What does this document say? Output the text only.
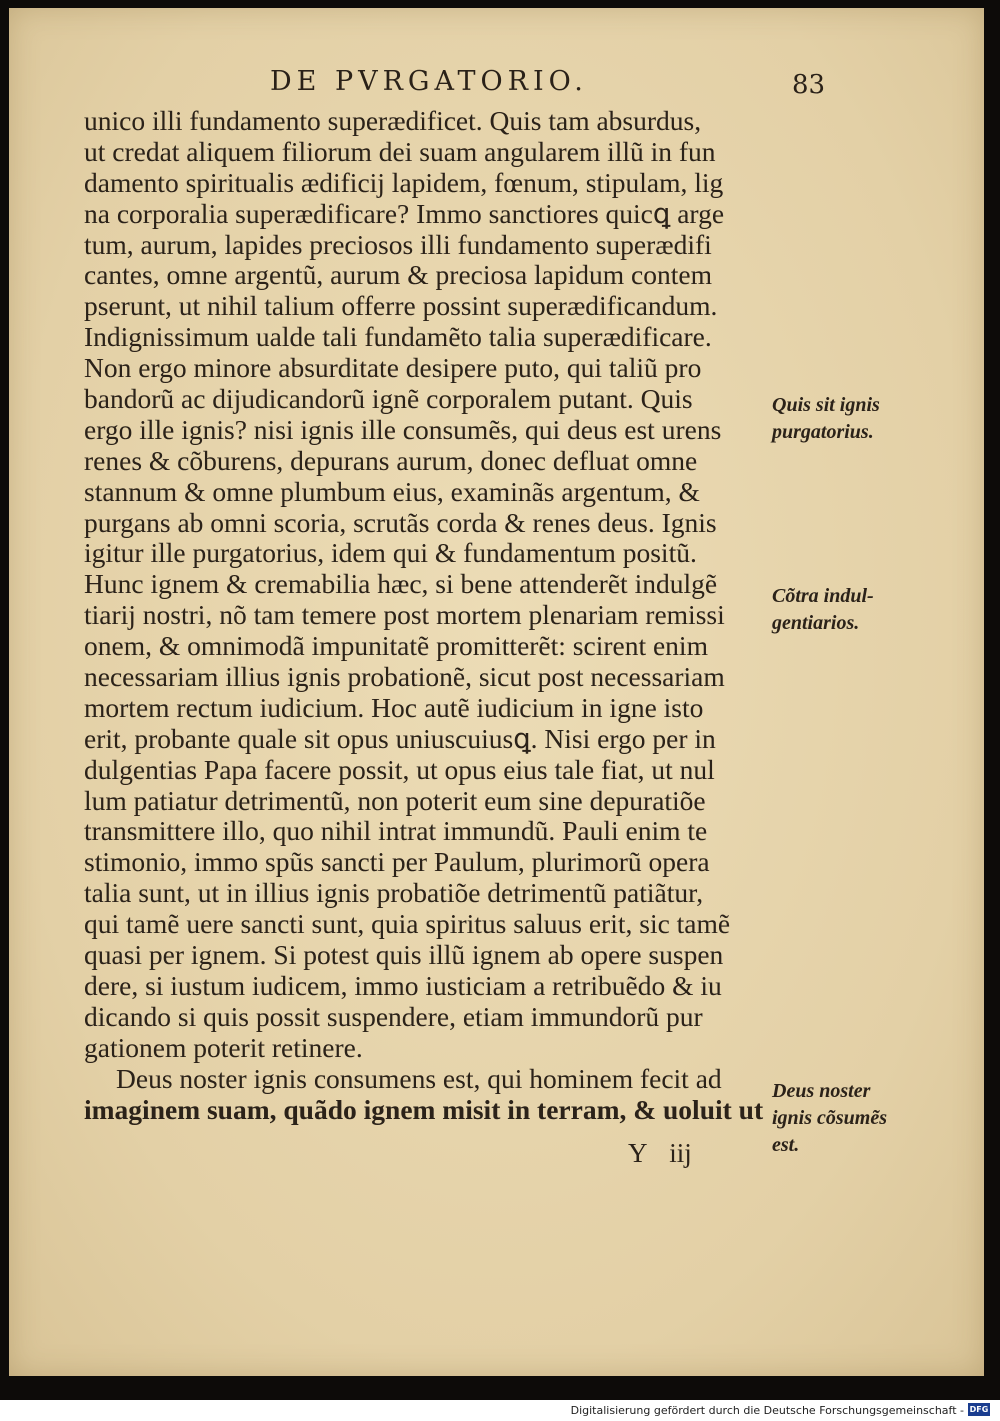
DE PVRGATORIO.	83
unico illi fundamento superædificet. Quis tam absurdus,
ut credat aliquem filiorum dei suam angularem illũ in fun
damento spiritualis ædificij lapidem, fœnum, stipulam, lig
na corporalia superædificare? Immo sanctiores quicꝗ arge
tum, aurum, lapides preciosos illi fundamento superædifi
cantes, omne argentũ, aurum & preciosa lapidum contem
pserunt, ut nihil talium offerre possint superædificandum.
Indignissimum ualde tali fundamẽto talia superædificare.
Non ergo minore absurditate desipere puto, qui taliũ pro
bandorũ ac dijudicandorũ ignẽ corporalem putant. Quis
ergo ille ignis? nisi ignis ille consumẽs, qui deus est urens
renes & cõburens, depurans aurum, donec defluat omne
stannum & omne plumbum eius, examinãs argentum, &
purgans ab omni scoria, scrutãs corda & renes deus. Ignis
igitur ille purgatorius, idem qui & fundamentum positũ.
Hunc ignem & cremabilia hæc, si bene attenderẽt indulgẽ
tiarij nostri, nõ tam temere post mortem plenariam remissi
onem, & omnimodã impunitatẽ promitterẽt: scirent enim
necessariam illius ignis probationẽ, sicut post necessariam
mortem rectum iudicium. Hoc autẽ iudicium in igne isto
erit, probante quale sit opus uniuscuiusꝗ. Nisi ergo per in
dulgentias Papa facere possit, ut opus eius tale fiat, ut nul
lum patiatur detrimentũ, non poterit eum sine depuratiõe
transmittere illo, quo nihil intrat immundũ. Pauli enim te
stimonio, immo spũs sancti per Paulum, plurimorũ opera
talia sunt, ut in illius ignis probatiõe detrimentũ patiãtur,
qui tamẽ uere sancti sunt, quia spiritus saluus erit, sic tamẽ
quasi per ignem. Si potest quis illũ ignem ab opere suspen
dere, si iustum iudicem, immo iusticiam a retribuẽdo & iu
dicando si quis possit suspendere, etiam immundorũ pur
gationem poterit retinere.
Deus noster ignis consumens est, qui hominem fecit ad
imaginem suam, quãdo ignem misit in terram, & uoluit ut
Quis sit ignis
purgatorius.
Cõtra indul-
gentiarios.
Deus noster
ignis cõsumẽs
est.
Y iij
Digitalisierung gefördert durch die Deutsche Forschungsgemeinschaft - DFG
